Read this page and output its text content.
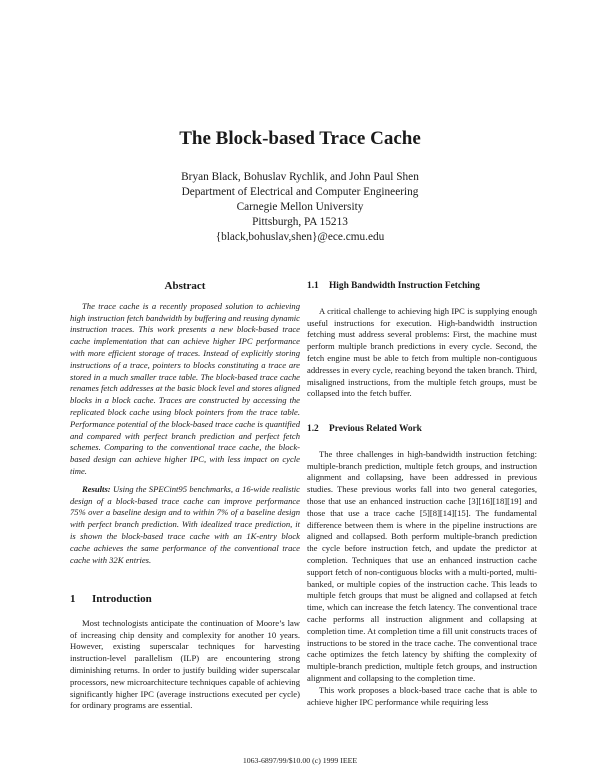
The Block-based Trace Cache
Bryan Black, Bohuslav Rychlik, and John Paul Shen
Department of Electrical and Computer Engineering
Carnegie Mellon University
Pittsburgh, PA 15213
{black,bohuslav,shen}@ece.cmu.edu
Abstract

The trace cache is a recently proposed solution to achieving high instruction fetch bandwidth by buffering and reusing dynamic instruction traces. This work presents a new block-based trace cache implementation that can achieve higher IPC performance with more efficient storage of traces. Instead of explicitly storing instructions of a trace, pointers to blocks constituting a trace are stored in a much smaller trace table. The block-based trace cache renames fetch addresses at the basic block level and stores aligned blocks in a block cache. Traces are constructed by accessing the replicated block cache using block pointers from the trace table. Performance potential of the block-based trace cache is quantified and compared with perfect branch prediction and perfect fetch schemes. Comparing to the conventional trace cache, the block-based design can achieve higher IPC, with less impact on cycle time.

Results: Using the SPECint95 benchmarks, a 16-wide realistic design of a block-based trace cache can improve performance 75% over a baseline design and to within 7% of a baseline design with perfect branch prediction. With idealized trace prediction, it is shown the block-based trace cache with an 1K-entry block cache achieves the same performance of the conventional trace cache with 32K entries.

1 Introduction

Most technologists anticipate the continuation of Moore’s law of increasing chip density and complexity for another 10 years. However, existing superscalar techniques for harvesting instruction-level parallelism (ILP) are encountering strong diminishing returns. In order to justify building wider superscalar processors, new microarchitecture techniques capable of achieving significantly higher IPC (average instructions executed per cycle) for ordinary programs are essential.

1.1 High Bandwidth Instruction Fetching

A critical challenge to achieving high IPC is supplying enough useful instructions for execution. High-bandwidth instruction fetching must address several problems: First, the machine must perform multiple branch predictions in every cycle. Second, the fetch engine must be able to fetch from multiple non-contiguous addresses in every cycle, reaching beyond the taken branch. Third, misaligned instructions, from the multiple fetch groups, must be collapsed into the fetch buffer.

1.2 Previous Related Work

The three challenges in high-bandwidth instruction fetching: multiple-branch prediction, multiple fetch groups, and instruction alignment and collapsing, have been addressed in previous studies. These previous works fall into two general categories, those that use an enhanced instruction cache [3][16][18][19] and those that use a trace cache [5][8][14][15]. The fundamental difference between them is where in the pipeline instructions are aligned and collapsed. Both perform multiple-branch prediction the cycle before instruction fetch, and update the predictor at completion. Techniques that use an enhanced instruction cache support fetch of non-contiguous blocks with a multi-ported, multi-banked, or multiple copies of the instruction cache. This leads to multiple fetch groups that must be aligned and collapsed at fetch time, which can increase the fetch latency. The conventional trace cache performs all instruction alignment and collapsing at completion time. At completion time a fill unit constructs traces of instructions to be stored in the trace cache. The conventional trace cache optimizes the fetch latency by shifting the complexity of multiple-branch prediction, multiple fetch groups, and instruction alignment and collapsing to the completion time.

This work proposes a block-based trace cache that is able to achieve higher IPC performance while requiring less

1063-6897/99/$10.00 (c) 1999 IEEE
